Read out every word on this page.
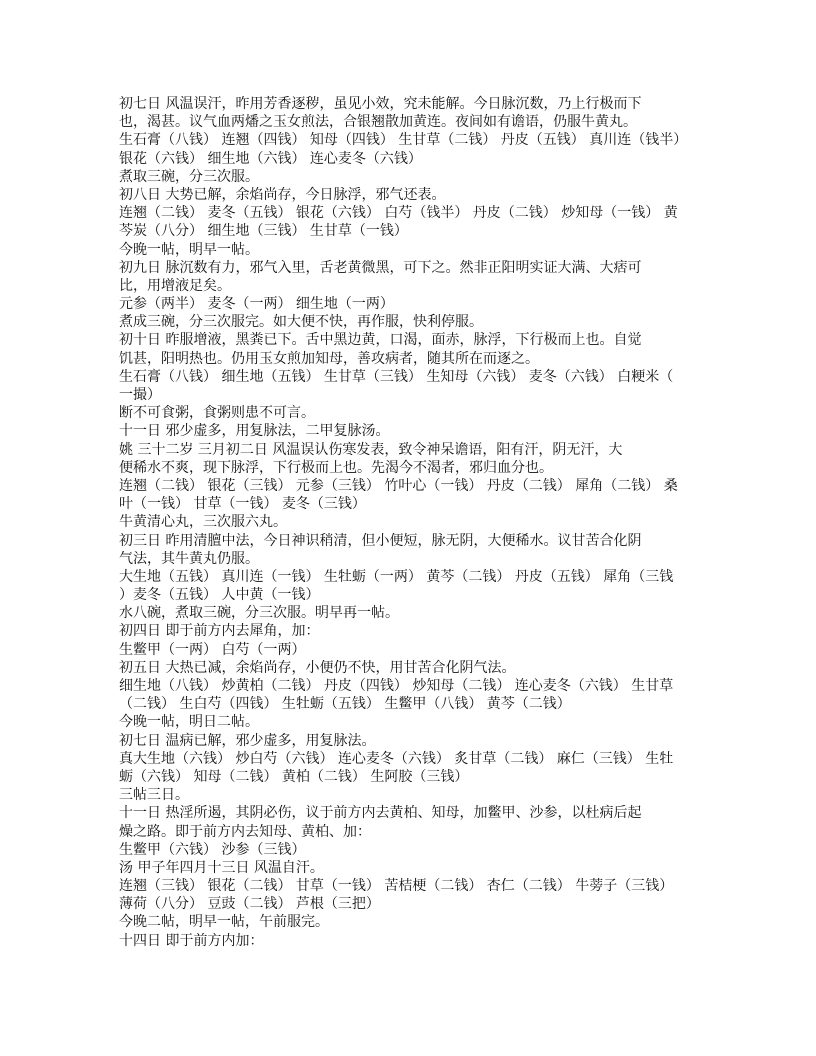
初七日 风温误汗，昨用芳香逐秽，虽见小效，究未能解。今日脉沉数，乃上行极而下
也，渴甚。议气血两燔之玉女煎法，合银翘散加黄连。夜间如有谵语，仍服牛黄丸。
生石膏（八钱） 连翘（四钱） 知母（四钱） 生甘草（二钱） 丹皮（五钱） 真川连（钱半）
银花（六钱） 细生地（六钱） 连心麦冬（六钱）
煮取三碗，分三次服。
初八日 大势已解，余焰尚存，今日脉浮，邪气还表。
连翘（二钱） 麦冬（五钱） 银花（六钱） 白芍（钱半） 丹皮（二钱） 炒知母（一钱） 黄
芩炭（八分） 细生地（三钱） 生甘草（一钱）
今晚一帖，明早一帖。
初九日 脉沉数有力，邪气入里，舌老黄微黑，可下之。然非正阳明实证大满、大痞可
比，用增液足矣。
元参（两半） 麦冬（一两） 细生地（一两）
煮成三碗，分三次服完。如大便不快，再作服，快利停服。
初十日 昨服增液，黑粪已下。舌中黑边黄，口渴，面赤，脉浮，下行极而上也。自觉
饥甚，阳明热也。仍用玉女煎加知母，善攻病者，随其所在而逐之。
生石膏（八钱） 细生地（五钱） 生甘草（三钱） 生知母（六钱） 麦冬（六钱） 白粳米（
一撮）
断不可食粥，食粥则患不可言。
十一日 邪少虚多，用复脉法，二甲复脉汤。
姚 三十二岁 三月初二日 风温误认伤寒发表，致令神呆谵语，阳有汗，阴无汗，大
便稀水不爽，现下脉浮，下行极而上也。先渴今不渴者，邪归血分也。
连翘（二钱） 银花（三钱） 元参（三钱） 竹叶心（一钱） 丹皮（二钱） 犀角（二钱） 桑
叶（一钱） 甘草（一钱） 麦冬（三钱）
牛黄清心丸，三次服六丸。
初三日 昨用清膻中法，今日神识稍清，但小便短，脉无阴，大便稀水。议甘苦合化阴
气法，其牛黄丸仍服。
大生地（五钱） 真川连（一钱） 生牡蛎（一两） 黄芩（二钱） 丹皮（五钱） 犀角（三钱
）麦冬（五钱） 人中黄（一钱）
水八碗，煮取三碗，分三次服。明早再一帖。
初四日 即于前方内去犀角，加：
生鳖甲（一两） 白芍（一两）
初五日 大热已减，余焰尚存，小便仍不快，用甘苦合化阴气法。
细生地（八钱） 炒黄柏（二钱） 丹皮（四钱） 炒知母（二钱） 连心麦冬（六钱） 生甘草
（二钱） 生白芍（四钱） 生牡蛎（五钱） 生鳖甲（八钱） 黄芩（二钱）
今晚一帖，明日二帖。
初七日 温病已解，邪少虚多，用复脉法。
真大生地（六钱） 炒白芍（六钱） 连心麦冬（六钱） 炙甘草（二钱） 麻仁（三钱） 生牡
蛎（六钱） 知母（二钱） 黄柏（二钱） 生阿胶（三钱）
三帖三日。
十一日 热淫所遏，其阴必伤，议于前方内去黄柏、知母，加鳖甲、沙参，以杜病后起
燥之路。即于前方内去知母、黄柏、加：
生鳖甲（六钱） 沙参（三钱）
汤 甲子年四月十三日 风温自汗。
连翘（三钱） 银花（二钱） 甘草（一钱） 苦桔梗（二钱） 杏仁（二钱） 牛蒡子（三钱）
薄荷（八分） 豆豉（二钱） 芦根（三把）
今晚二帖，明早一帖，午前服完。
十四日 即于前方内加：
